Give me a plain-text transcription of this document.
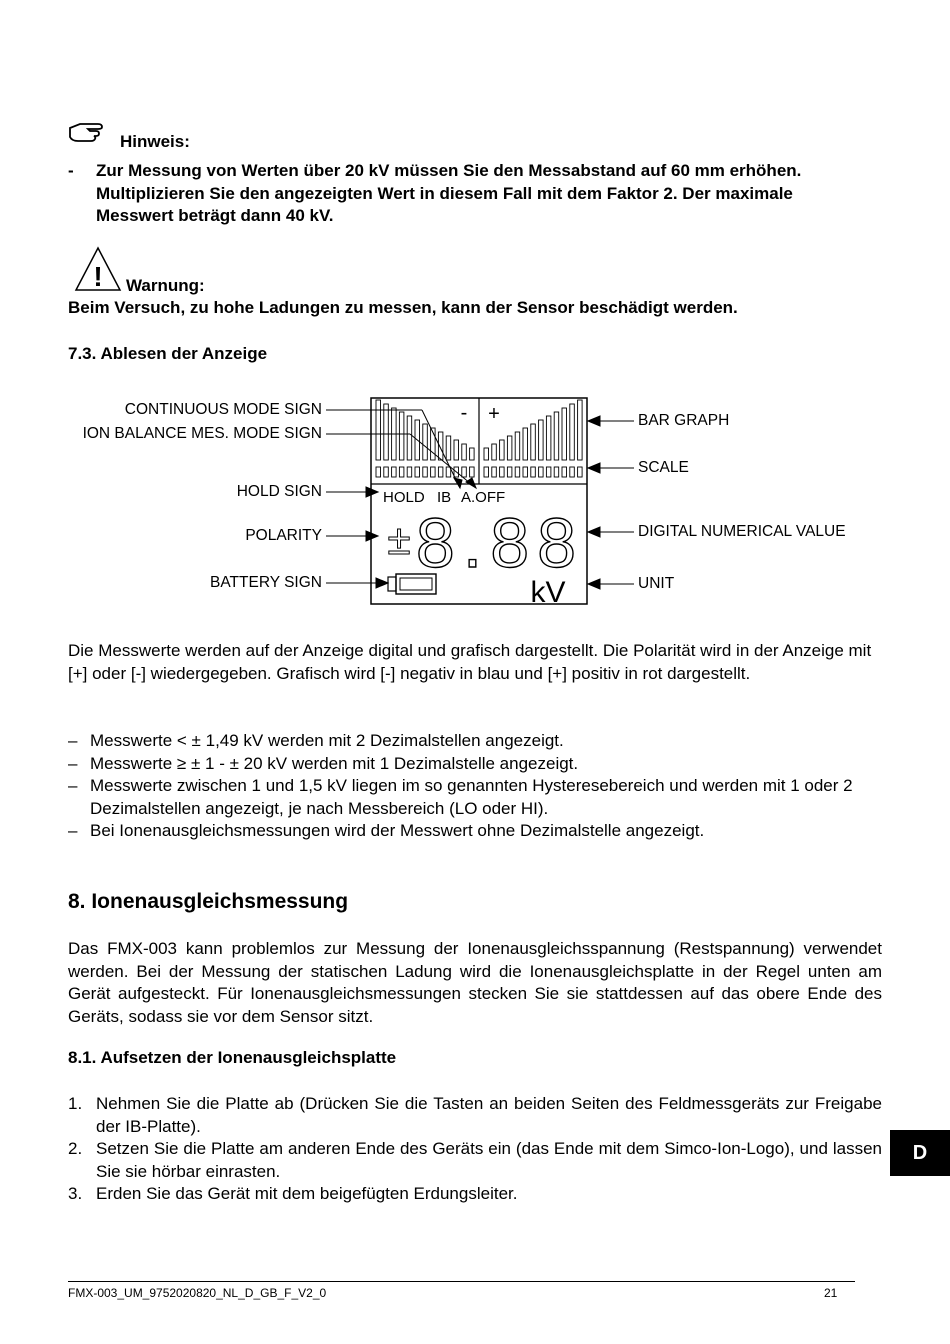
Hinweis:
- Zur Messung von Werten über 20 kV müssen Sie den Messabstand auf 60 mm erhöhen. Multiplizieren Sie den angezeigten Wert in diesem Fall mit dem Faktor 2. Der maximale Messwert beträgt dann 40 kV.
! Warnung:
Beim Versuch, zu hohe Ladungen zu messen, kann der Sensor beschädigt werden.
7.3. Ablesen der Anzeige
CONTINUOUS MODE SIGN
ION BALANCE MES. MODE SIGN
HOLD SIGN
POLARITY
BATTERY SIGN
BAR GRAPH
SCALE
DIGITAL NUMERICAL VALUE
UNIT
- +
HOLD IB A.OFF
± 8.88
kV
Die Messwerte werden auf der Anzeige digital und grafisch dargestellt. Die Polarität wird in der Anzeige mit [+] oder [-] wiedergegeben. Grafisch wird [-] negativ in blau und [+] positiv in rot dargestellt.
– Messwerte < ± 1,49 kV werden mit 2 Dezimalstellen angezeigt.
– Messwerte ≥ ± 1 - ± 20 kV werden mit 1 Dezimalstelle angezeigt.
– Messwerte zwischen 1 und 1,5 kV liegen im so genannten Hysteresebereich und werden mit 1 oder 2 Dezimalstellen angezeigt, je nach Messbereich (LO oder HI).
– Bei Ionenausgleichsmessungen wird der Messwert ohne Dezimalstelle angezeigt.
8. Ionenausgleichsmessung
Das FMX-003 kann problemlos zur Messung der Ionenausgleichsspannung (Restspannung) verwendet werden. Bei der Messung der statischen Ladung wird die Ionenausgleichsplatte in der Regel unten am Gerät aufgesteckt. Für Ionenausgleichsmessungen stecken Sie sie stattdessen auf das obere Ende des Geräts, sodass sie vor dem Sensor sitzt.
8.1. Aufsetzen der Ionenausgleichsplatte
1. Nehmen Sie die Platte ab (Drücken Sie die Tasten an beiden Seiten des Feldmessgeräts zur Freigabe der IB-Platte).
2. Setzen Sie die Platte am anderen Ende des Geräts ein (das Ende mit dem Simco-Ion-Logo), und lassen Sie sie hörbar einrasten.
3. Erden Sie das Gerät mit dem beigefügten Erdungsleiter.
D
FMX-003_UM_9752020820_NL_D_GB_F_V2_0	21
